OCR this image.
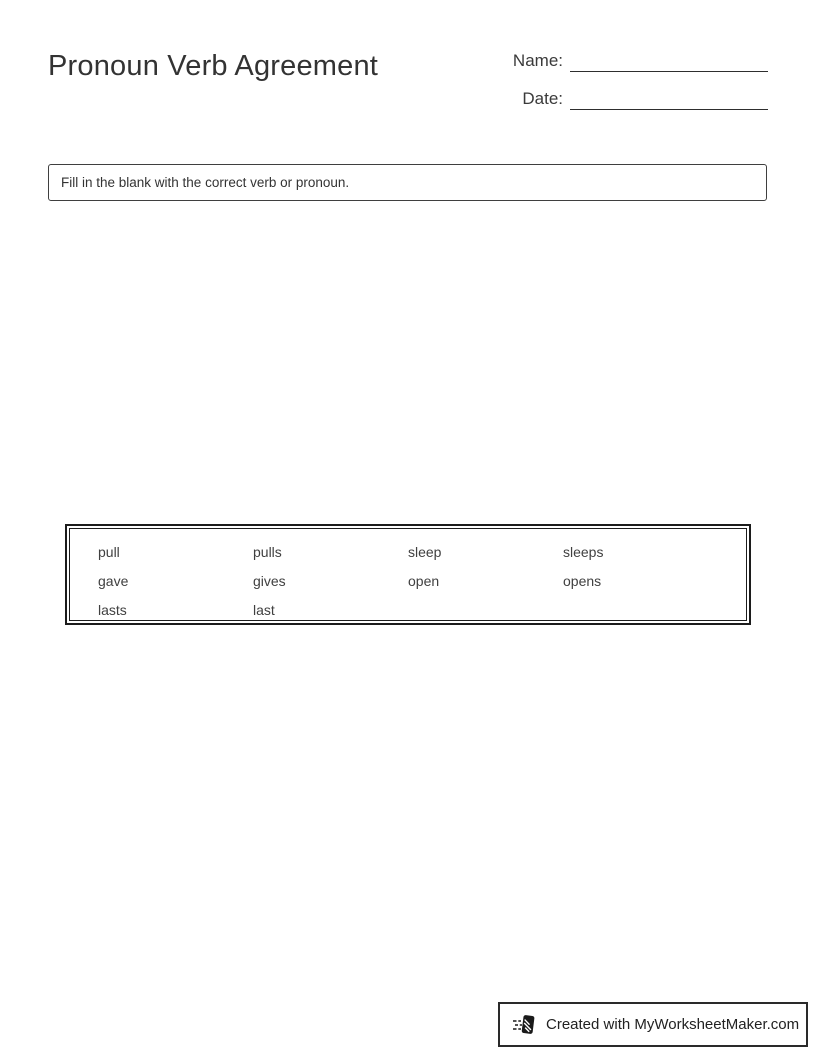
Pronoun Verb Agreement	Name:
Date:
Fill in the blank with the correct verb or pronoun.
pull	pulls	sleep	sleeps
gave	gives	open	opens
lasts	last
Created with MyWorksheetMaker.com
